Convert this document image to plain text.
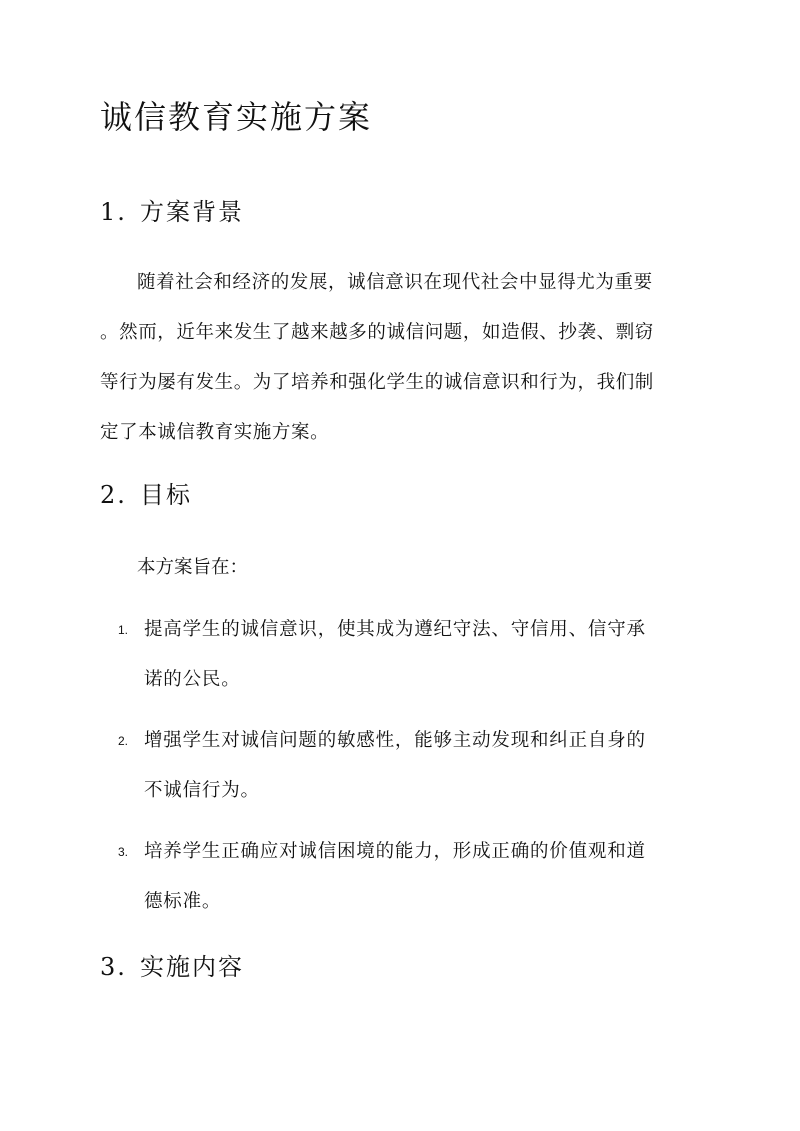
诚信教育实施方案
1. 方案背景
随着社会和经济的发展，诚信意识在现代社会中显得尤为重要
。然而，近年来发生了越来越多的诚信问题，如造假、抄袭、剽窃
等行为屡有发生。为了培养和强化学生的诚信意识和行为，我们制
定了本诚信教育实施方案。
2. 目标

本方案旨在：

1. 提高学生的诚信意识，使其成为遵纪守法、守信用、信守承
诺的公民。
2. 增强学生对诚信问题的敏感性，能够主动发现和纠正自身的
不诚信行为。
3. 培养学生正确应对诚信困境的能力，形成正确的价值观和道
德标准。
3. 实施内容
